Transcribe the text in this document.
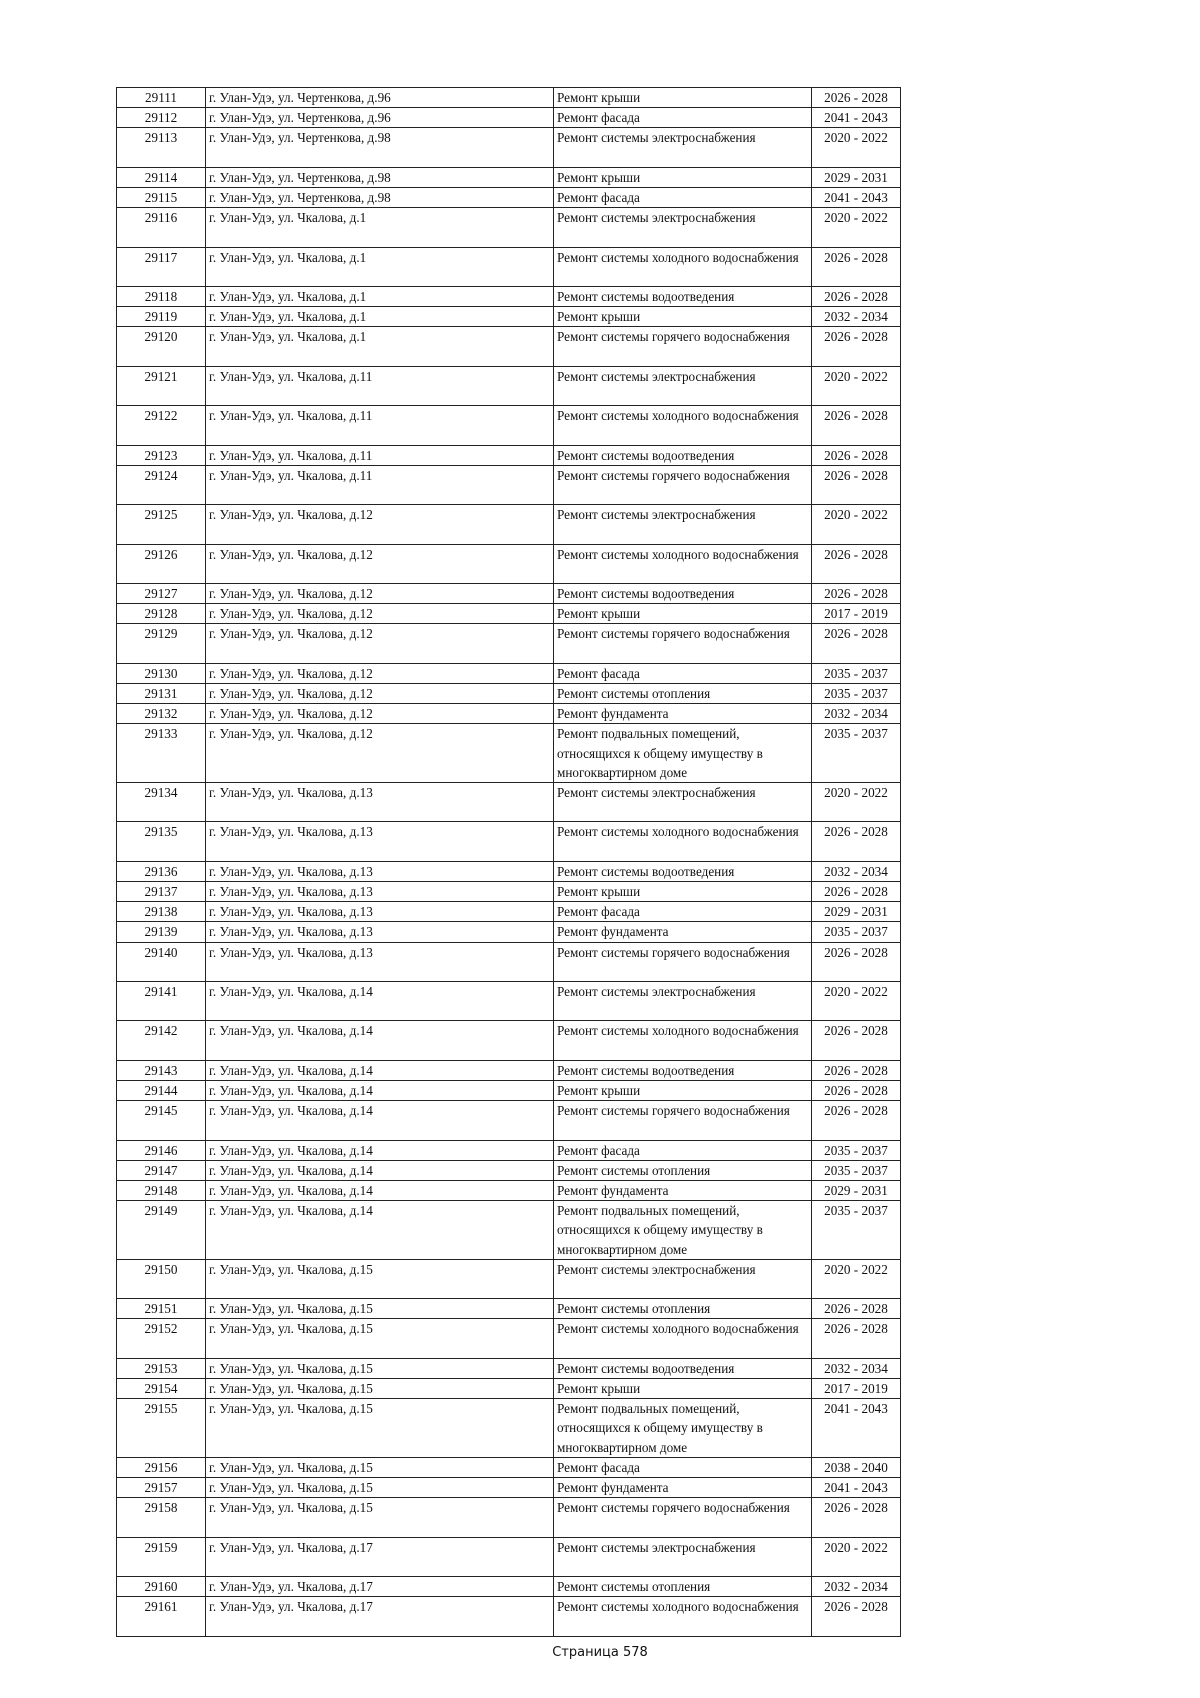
29111	г. Улан-Удэ, ул. Чертенкова, д.96	Ремонт крыши	2026 - 2028
29112	г. Улан-Удэ, ул. Чертенкова, д.96	Ремонт фасада	2041 - 2043
29113	г. Улан-Удэ, ул. Чертенкова, д.98	Ремонт системы электроснабжения	2020 - 2022
29114	г. Улан-Удэ, ул. Чертенкова, д.98	Ремонт крыши	2029 - 2031
29115	г. Улан-Удэ, ул. Чертенкова, д.98	Ремонт фасада	2041 - 2043
29116	г. Улан-Удэ, ул. Чкалова, д.1	Ремонт системы электроснабжения	2020 - 2022
29117	г. Улан-Удэ, ул. Чкалова, д.1	Ремонт системы холодного водоснабжения	2026 - 2028
29118	г. Улан-Удэ, ул. Чкалова, д.1	Ремонт системы водоотведения	2026 - 2028
29119	г. Улан-Удэ, ул. Чкалова, д.1	Ремонт крыши	2032 - 2034
29120	г. Улан-Удэ, ул. Чкалова, д.1	Ремонт системы горячего водоснабжения	2026 - 2028
29121	г. Улан-Удэ, ул. Чкалова, д.11	Ремонт системы электроснабжения	2020 - 2022
29122	г. Улан-Удэ, ул. Чкалова, д.11	Ремонт системы холодного водоснабжения	2026 - 2028
29123	г. Улан-Удэ, ул. Чкалова, д.11	Ремонт системы водоотведения	2026 - 2028
29124	г. Улан-Удэ, ул. Чкалова, д.11	Ремонт системы горячего водоснабжения	2026 - 2028
29125	г. Улан-Удэ, ул. Чкалова, д.12	Ремонт системы электроснабжения	2020 - 2022
29126	г. Улан-Удэ, ул. Чкалова, д.12	Ремонт системы холодного водоснабжения	2026 - 2028
29127	г. Улан-Удэ, ул. Чкалова, д.12	Ремонт системы водоотведения	2026 - 2028
29128	г. Улан-Удэ, ул. Чкалова, д.12	Ремонт крыши	2017 - 2019
29129	г. Улан-Удэ, ул. Чкалова, д.12	Ремонт системы горячего водоснабжения	2026 - 2028
29130	г. Улан-Удэ, ул. Чкалова, д.12	Ремонт фасада	2035 - 2037
29131	г. Улан-Удэ, ул. Чкалова, д.12	Ремонт системы отопления	2035 - 2037
29132	г. Улан-Удэ, ул. Чкалова, д.12	Ремонт фундамента	2032 - 2034
29133	г. Улан-Удэ, ул. Чкалова, д.12	Ремонт подвальных помещений, относящихся к общему имуществу в многоквартирном доме	2035 - 2037
29134	г. Улан-Удэ, ул. Чкалова, д.13	Ремонт системы электроснабжения	2020 - 2022
29135	г. Улан-Удэ, ул. Чкалова, д.13	Ремонт системы холодного водоснабжения	2026 - 2028
29136	г. Улан-Удэ, ул. Чкалова, д.13	Ремонт системы водоотведения	2032 - 2034
29137	г. Улан-Удэ, ул. Чкалова, д.13	Ремонт крыши	2026 - 2028
29138	г. Улан-Удэ, ул. Чкалова, д.13	Ремонт фасада	2029 - 2031
29139	г. Улан-Удэ, ул. Чкалова, д.13	Ремонт фундамента	2035 - 2037
29140	г. Улан-Удэ, ул. Чкалова, д.13	Ремонт системы горячего водоснабжения	2026 - 2028
29141	г. Улан-Удэ, ул. Чкалова, д.14	Ремонт системы электроснабжения	2020 - 2022
29142	г. Улан-Удэ, ул. Чкалова, д.14	Ремонт системы холодного водоснабжения	2026 - 2028
29143	г. Улан-Удэ, ул. Чкалова, д.14	Ремонт системы водоотведения	2026 - 2028
29144	г. Улан-Удэ, ул. Чкалова, д.14	Ремонт крыши	2026 - 2028
29145	г. Улан-Удэ, ул. Чкалова, д.14	Ремонт системы горячего водоснабжения	2026 - 2028
29146	г. Улан-Удэ, ул. Чкалова, д.14	Ремонт фасада	2035 - 2037
29147	г. Улан-Удэ, ул. Чкалова, д.14	Ремонт системы отопления	2035 - 2037
29148	г. Улан-Удэ, ул. Чкалова, д.14	Ремонт фундамента	2029 - 2031
29149	г. Улан-Удэ, ул. Чкалова, д.14	Ремонт подвальных помещений, относящихся к общему имуществу в многоквартирном доме	2035 - 2037
29150	г. Улан-Удэ, ул. Чкалова, д.15	Ремонт системы электроснабжения	2020 - 2022
29151	г. Улан-Удэ, ул. Чкалова, д.15	Ремонт системы отопления	2026 - 2028
29152	г. Улан-Удэ, ул. Чкалова, д.15	Ремонт системы холодного водоснабжения	2026 - 2028
29153	г. Улан-Удэ, ул. Чкалова, д.15	Ремонт системы водоотведения	2032 - 2034
29154	г. Улан-Удэ, ул. Чкалова, д.15	Ремонт крыши	2017 - 2019
29155	г. Улан-Удэ, ул. Чкалова, д.15	Ремонт подвальных помещений, относящихся к общему имуществу в многоквартирном доме	2041 - 2043
29156	г. Улан-Удэ, ул. Чкалова, д.15	Ремонт фасада	2038 - 2040
29157	г. Улан-Удэ, ул. Чкалова, д.15	Ремонт фундамента	2041 - 2043
29158	г. Улан-Удэ, ул. Чкалова, д.15	Ремонт системы горячего водоснабжения	2026 - 2028
29159	г. Улан-Удэ, ул. Чкалова, д.17	Ремонт системы электроснабжения	2020 - 2022
29160	г. Улан-Удэ, ул. Чкалова, д.17	Ремонт системы отопления	2032 - 2034
29161	г. Улан-Удэ, ул. Чкалова, д.17	Ремонт системы холодного водоснабжения	2026 - 2028
Страница 578
